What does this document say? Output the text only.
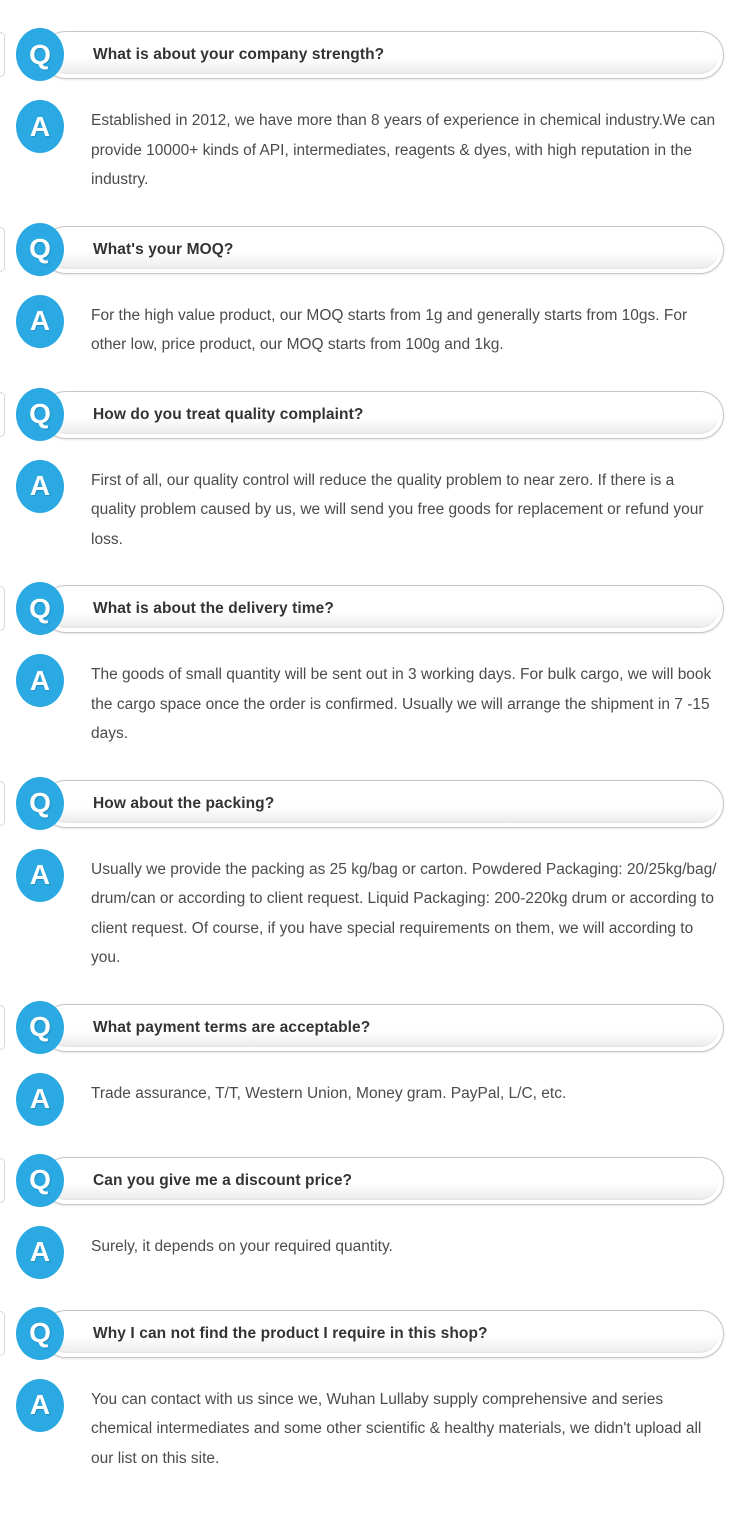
What is about your company strength?
Q
A	Established in 2012, we have more than 8 years of experience in chemical industry.We can provide 10000+ kinds of API, intermediates, reagents & dyes, with high reputation in the industry.

What's your MOQ?
Q
A	For the high value product, our MOQ starts from 1g and generally starts from 10gs. For other low, price product, our MOQ starts from 100g and 1kg.

How do you treat quality complaint?
Q
A	First of all, our quality control will reduce the quality problem to near zero. If there is a quality problem caused by us, we will send you free goods for replacement or refund your loss.

What is about the delivery time?
Q
A	The goods of small quantity will be sent out in 3 working days. For bulk cargo, we will book the cargo space once the order is confirmed. Usually we will arrange the shipment in 7 -15 days.

How about the packing?
Q
A	Usually we provide the packing as 25 kg/bag or carton. Powdered Packaging: 20/25kg/bag/ drum/can or according to client request. Liquid Packaging: 200-220kg drum or according to client request. Of course, if you have special requirements on them, we will according to you.

What payment terms are acceptable?
Q
A	Trade assurance, T/T, Western Union, Money gram. PayPal, L/C, etc.

Can you give me a discount price?
Q
A	Surely, it depends on your required quantity.

Why I can not find the product I require in this shop?
Q
A	You can contact with us since we, Wuhan Lullaby supply comprehensive and series chemical intermediates and some other scientific & healthy materials, we didn't upload all our list on this site.
